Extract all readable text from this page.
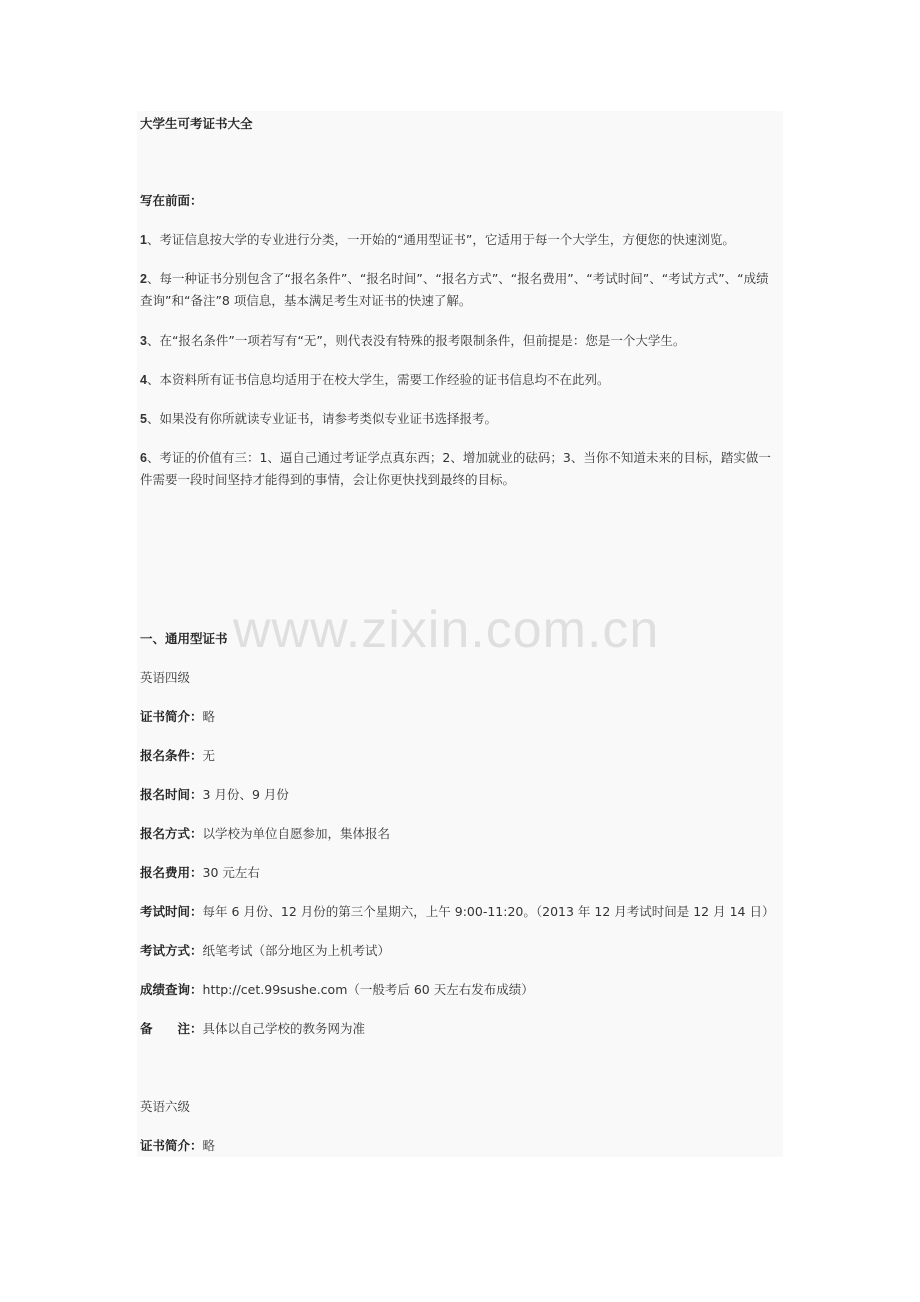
大学生可考证书大全
写在前面：
1、考证信息按大学的专业进行分类，一开始的“通用型证书”，它适用于每一个大学生，方便您的快速浏览。
2、每一种证书分别包含了“报名条件”、“报名时间”、“报名方式”、“报名费用”、“考试时间”、“考试方式”、“成绩查询”和“备注”8 项信息，基本满足考生对证书的快速了解。
3、在“报名条件”一项若写有“无”，则代表没有特殊的报考限制条件，但前提是：您是一个大学生。
4、本资料所有证书信息均适用于在校大学生，需要工作经验的证书信息均不在此列。
5、如果没有你所就读专业证书，请参考类似专业证书选择报考。
6、考证的价值有三：1、逼自己通过考证学点真东西；2、增加就业的砝码；3、当你不知道未来的目标，踏实做一件需要一段时间坚持才能得到的事情，会让你更快找到最终的目标。
www.zixin.com.cn
一、通用型证书
英语四级
证书简介：略
报名条件：无
报名时间：3 月份、9 月份
报名方式：以学校为单位自愿参加，集体报名
报名费用：30 元左右
考试时间：每年 6 月份、12 月份的第三个星期六，上午 9:00-11:20。（2013 年 12 月考试时间是 12 月 14 日）
考试方式：纸笔考试（部分地区为上机考试）
成绩查询：http://cet.99sushe.com（一般考后 60 天左右发布成绩）
备　　注：具体以自己学校的教务网为准
英语六级
证书简介：略
